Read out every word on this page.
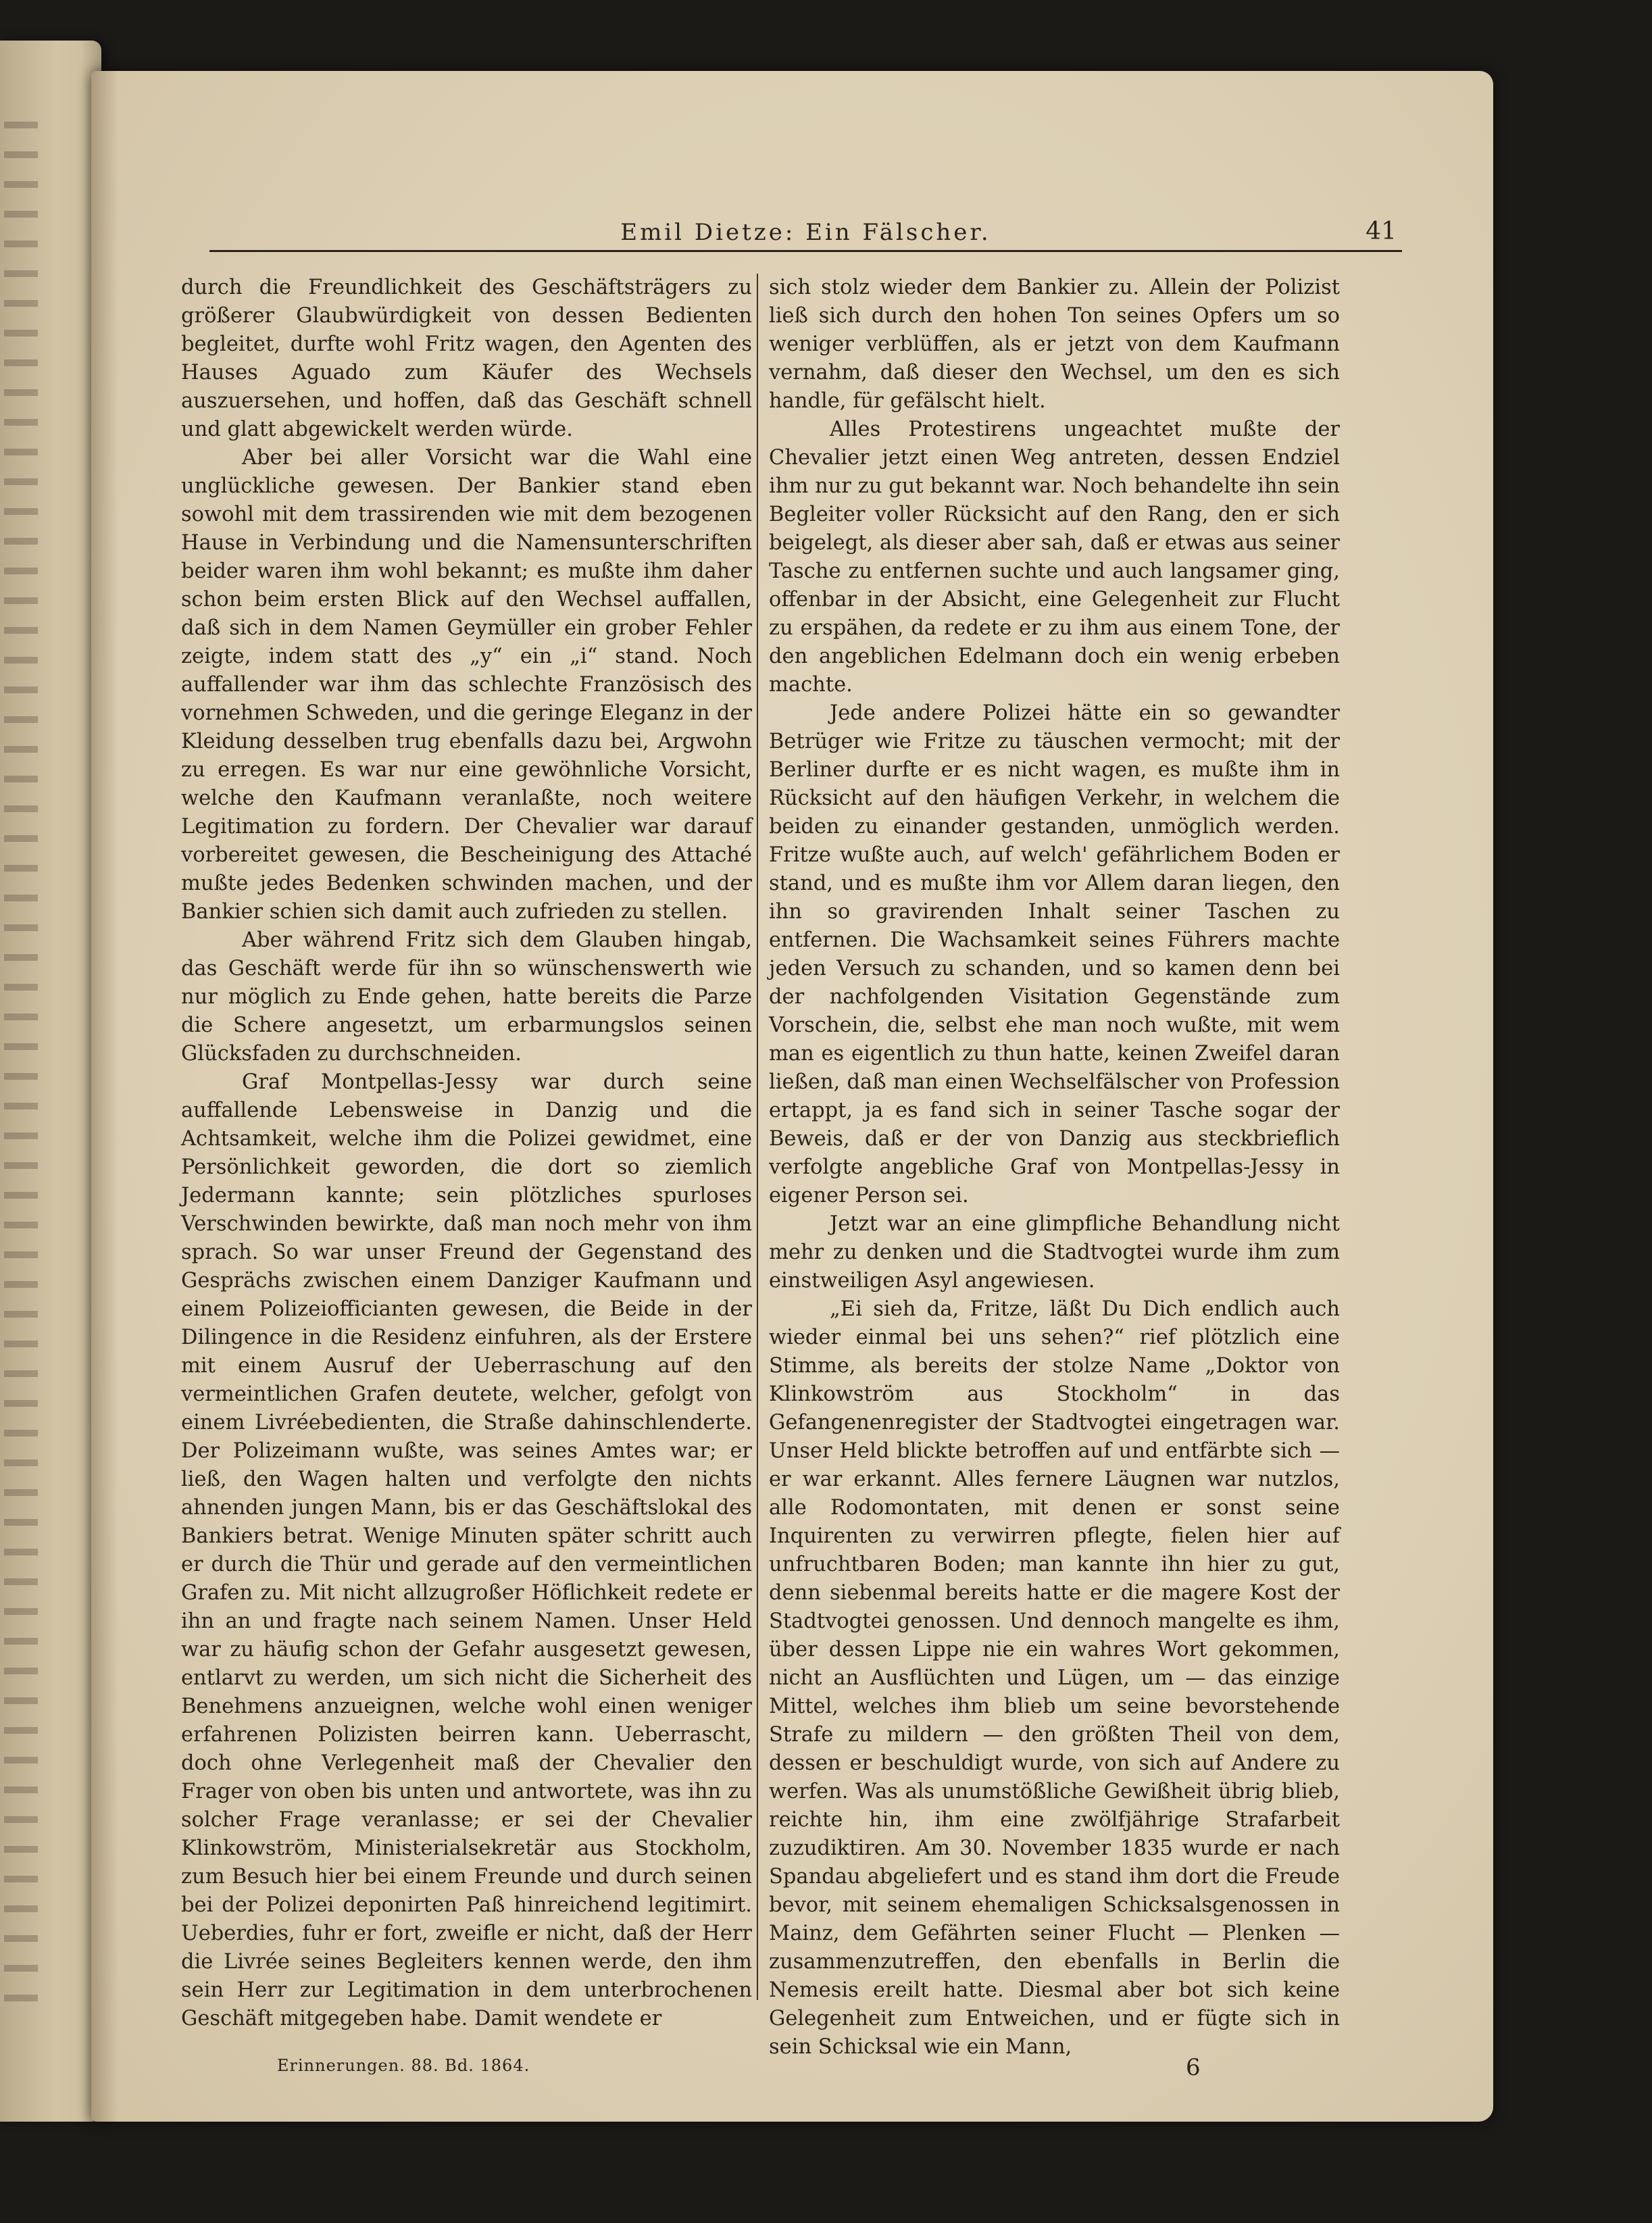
Emil Dietze: Ein Fälscher.	41

durch die Freundlichkeit des Geschäftsträgers zu größerer Glaubwürdigkeit von dessen Bedienten begleitet, durfte wohl Fritz wagen, den Agenten des Hauses Aguado zum Käufer des Wechsels auszuersehen, und hoffen, daß das Geschäft schnell und glatt abgewickelt werden würde.

Aber bei aller Vorsicht war die Wahl eine unglückliche gewesen. Der Bankier stand eben sowohl mit dem trassirenden wie mit dem bezogenen Hause in Verbindung und die Namensunterschriften beider waren ihm wohl bekannt; es mußte ihm daher schon beim ersten Blick auf den Wechsel auffallen, daß sich in dem Namen Geymüller ein grober Fehler zeigte, indem statt des „y“ ein „i“ stand. Noch auffallender war ihm das schlechte Französisch des vornehmen Schweden, und die geringe Eleganz in der Kleidung desselben trug ebenfalls dazu bei, Argwohn zu erregen. Es war nur eine gewöhnliche Vorsicht, welche den Kaufmann veranlaßte, noch weitere Legitimation zu fordern. Der Chevalier war darauf vorbereitet gewesen, die Bescheinigung des Attaché mußte jedes Bedenken schwinden machen, und der Bankier schien sich damit auch zufrieden zu stellen.

Aber während Fritz sich dem Glauben hingab, das Geschäft werde für ihn so wünschenswerth wie nur möglich zu Ende gehen, hatte bereits die Parze die Schere angesetzt, um erbarmungslos seinen Glücksfaden zu durchschneiden.

Graf Montpellas-Jessy war durch seine auffallende Lebensweise in Danzig und die Achtsamkeit, welche ihm die Polizei gewidmet, eine Persönlichkeit geworden, die dort so ziemlich Jedermann kannte; sein plötzliches spurloses Verschwinden bewirkte, daß man noch mehr von ihm sprach. So war unser Freund der Gegenstand des Gesprächs zwischen einem Danziger Kaufmann und einem Polizeiofficianten gewesen, die Beide in der Dilingence in die Residenz einfuhren, als der Erstere mit einem Ausruf der Ueberraschung auf den vermeintlichen Grafen deutete, welcher, gefolgt von einem Livréebedienten, die Straße dahinschlenderte. Der Polizeimann wußte, was seines Amtes war; er ließ, den Wagen halten und verfolgte den nichts ahnenden jungen Mann, bis er das Geschäftslokal des Bankiers betrat. Wenige Minuten später schritt auch er durch die Thür und gerade auf den vermeintlichen Grafen zu. Mit nicht allzugroßer Höflichkeit redete er ihn an und fragte nach seinem Namen. Unser Held war zu häufig schon der Gefahr ausgesetzt gewesen, entlarvt zu werden, um sich nicht die Sicherheit des Benehmens anzueignen, welche wohl einen weniger erfahrenen Polizisten beirren kann. Ueberrascht, doch ohne Verlegenheit maß der Chevalier den Frager von oben bis unten und antwortete, was ihn zu solcher Frage veranlasse; er sei der Chevalier Klinkowström, Ministerialsekretär aus Stockholm, zum Besuch hier bei einem Freunde und durch seinen bei der Polizei deponirten Paß hinreichend legitimirt. Ueberdies, fuhr er fort, zweifle er nicht, daß der Herr die Livrée seines Begleiters kennen werde, den ihm sein Herr zur Legitimation in dem unterbrochenen Geschäft mitgegeben habe. Damit wendete er

sich stolz wieder dem Bankier zu. Allein der Polizist ließ sich durch den hohen Ton seines Opfers um so weniger verblüffen, als er jetzt von dem Kaufmann vernahm, daß dieser den Wechsel, um den es sich handle, für gefälscht hielt.

Alles Protestirens ungeachtet mußte der Chevalier jetzt einen Weg antreten, dessen Endziel ihm nur zu gut bekannt war. Noch behandelte ihn sein Begleiter voller Rücksicht auf den Rang, den er sich beigelegt, als dieser aber sah, daß er etwas aus seiner Tasche zu entfernen suchte und auch langsamer ging, offenbar in der Absicht, eine Gelegenheit zur Flucht zu erspähen, da redete er zu ihm aus einem Tone, der den angeblichen Edelmann doch ein wenig erbeben machte.

Jede andere Polizei hätte ein so gewandter Betrüger wie Fritze zu täuschen vermocht; mit der Berliner durfte er es nicht wagen, es mußte ihm in Rücksicht auf den häufigen Verkehr, in welchem die beiden zu einander gestanden, unmöglich werden. Fritze wußte auch, auf welch' gefährlichem Boden er stand, und es mußte ihm vor Allem daran liegen, den ihn so gravirenden Inhalt seiner Taschen zu entfernen. Die Wachsamkeit seines Führers machte jeden Versuch zu schanden, und so kamen denn bei der nachfolgenden Visitation Gegenstände zum Vorschein, die, selbst ehe man noch wußte, mit wem man es eigentlich zu thun hatte, keinen Zweifel daran ließen, daß man einen Wechselfälscher von Profession ertappt, ja es fand sich in seiner Tasche sogar der Beweis, daß er der von Danzig aus steckbrieflich verfolgte angebliche Graf von Montpellas-Jessy in eigener Person sei.

Jetzt war an eine glimpfliche Behandlung nicht mehr zu denken und die Stadtvogtei wurde ihm zum einstweiligen Asyl angewiesen.

„Ei sieh da, Fritze, läßt Du Dich endlich auch wieder einmal bei uns sehen?“ rief plötzlich eine Stimme, als bereits der stolze Name „Doktor von Klinkowström aus Stockholm“ in das Gefangenenregister der Stadtvogtei eingetragen war. Unser Held blickte betroffen auf und entfärbte sich — er war erkannt. Alles fernere Läugnen war nutzlos, alle Rodomontaten, mit denen er sonst seine Inquirenten zu verwirren pflegte, fielen hier auf unfruchtbaren Boden; man kannte ihn hier zu gut, denn siebenmal bereits hatte er die magere Kost der Stadtvogtei genossen. Und dennoch mangelte es ihm, über dessen Lippe nie ein wahres Wort gekommen, nicht an Ausflüchten und Lügen, um — das einzige Mittel, welches ihm blieb um seine bevorstehende Strafe zu mildern — den größten Theil von dem, dessen er beschuldigt wurde, von sich auf Andere zu werfen. Was als unumstößliche Gewißheit übrig blieb, reichte hin, ihm eine zwölfjährige Strafarbeit zuzudiktiren. Am 30. November 1835 wurde er nach Spandau abgeliefert und es stand ihm dort die Freude bevor, mit seinem ehemaligen Schicksalsgenossen in Mainz, dem Gefährten seiner Flucht — Plenken — zusammenzutreffen, den ebenfalls in Berlin die Nemesis ereilt hatte. Diesmal aber bot sich keine Gelegenheit zum Entweichen, und er fügte sich in sein Schicksal wie ein Mann,

Erinnerungen. 88. Bd. 1864.	6
